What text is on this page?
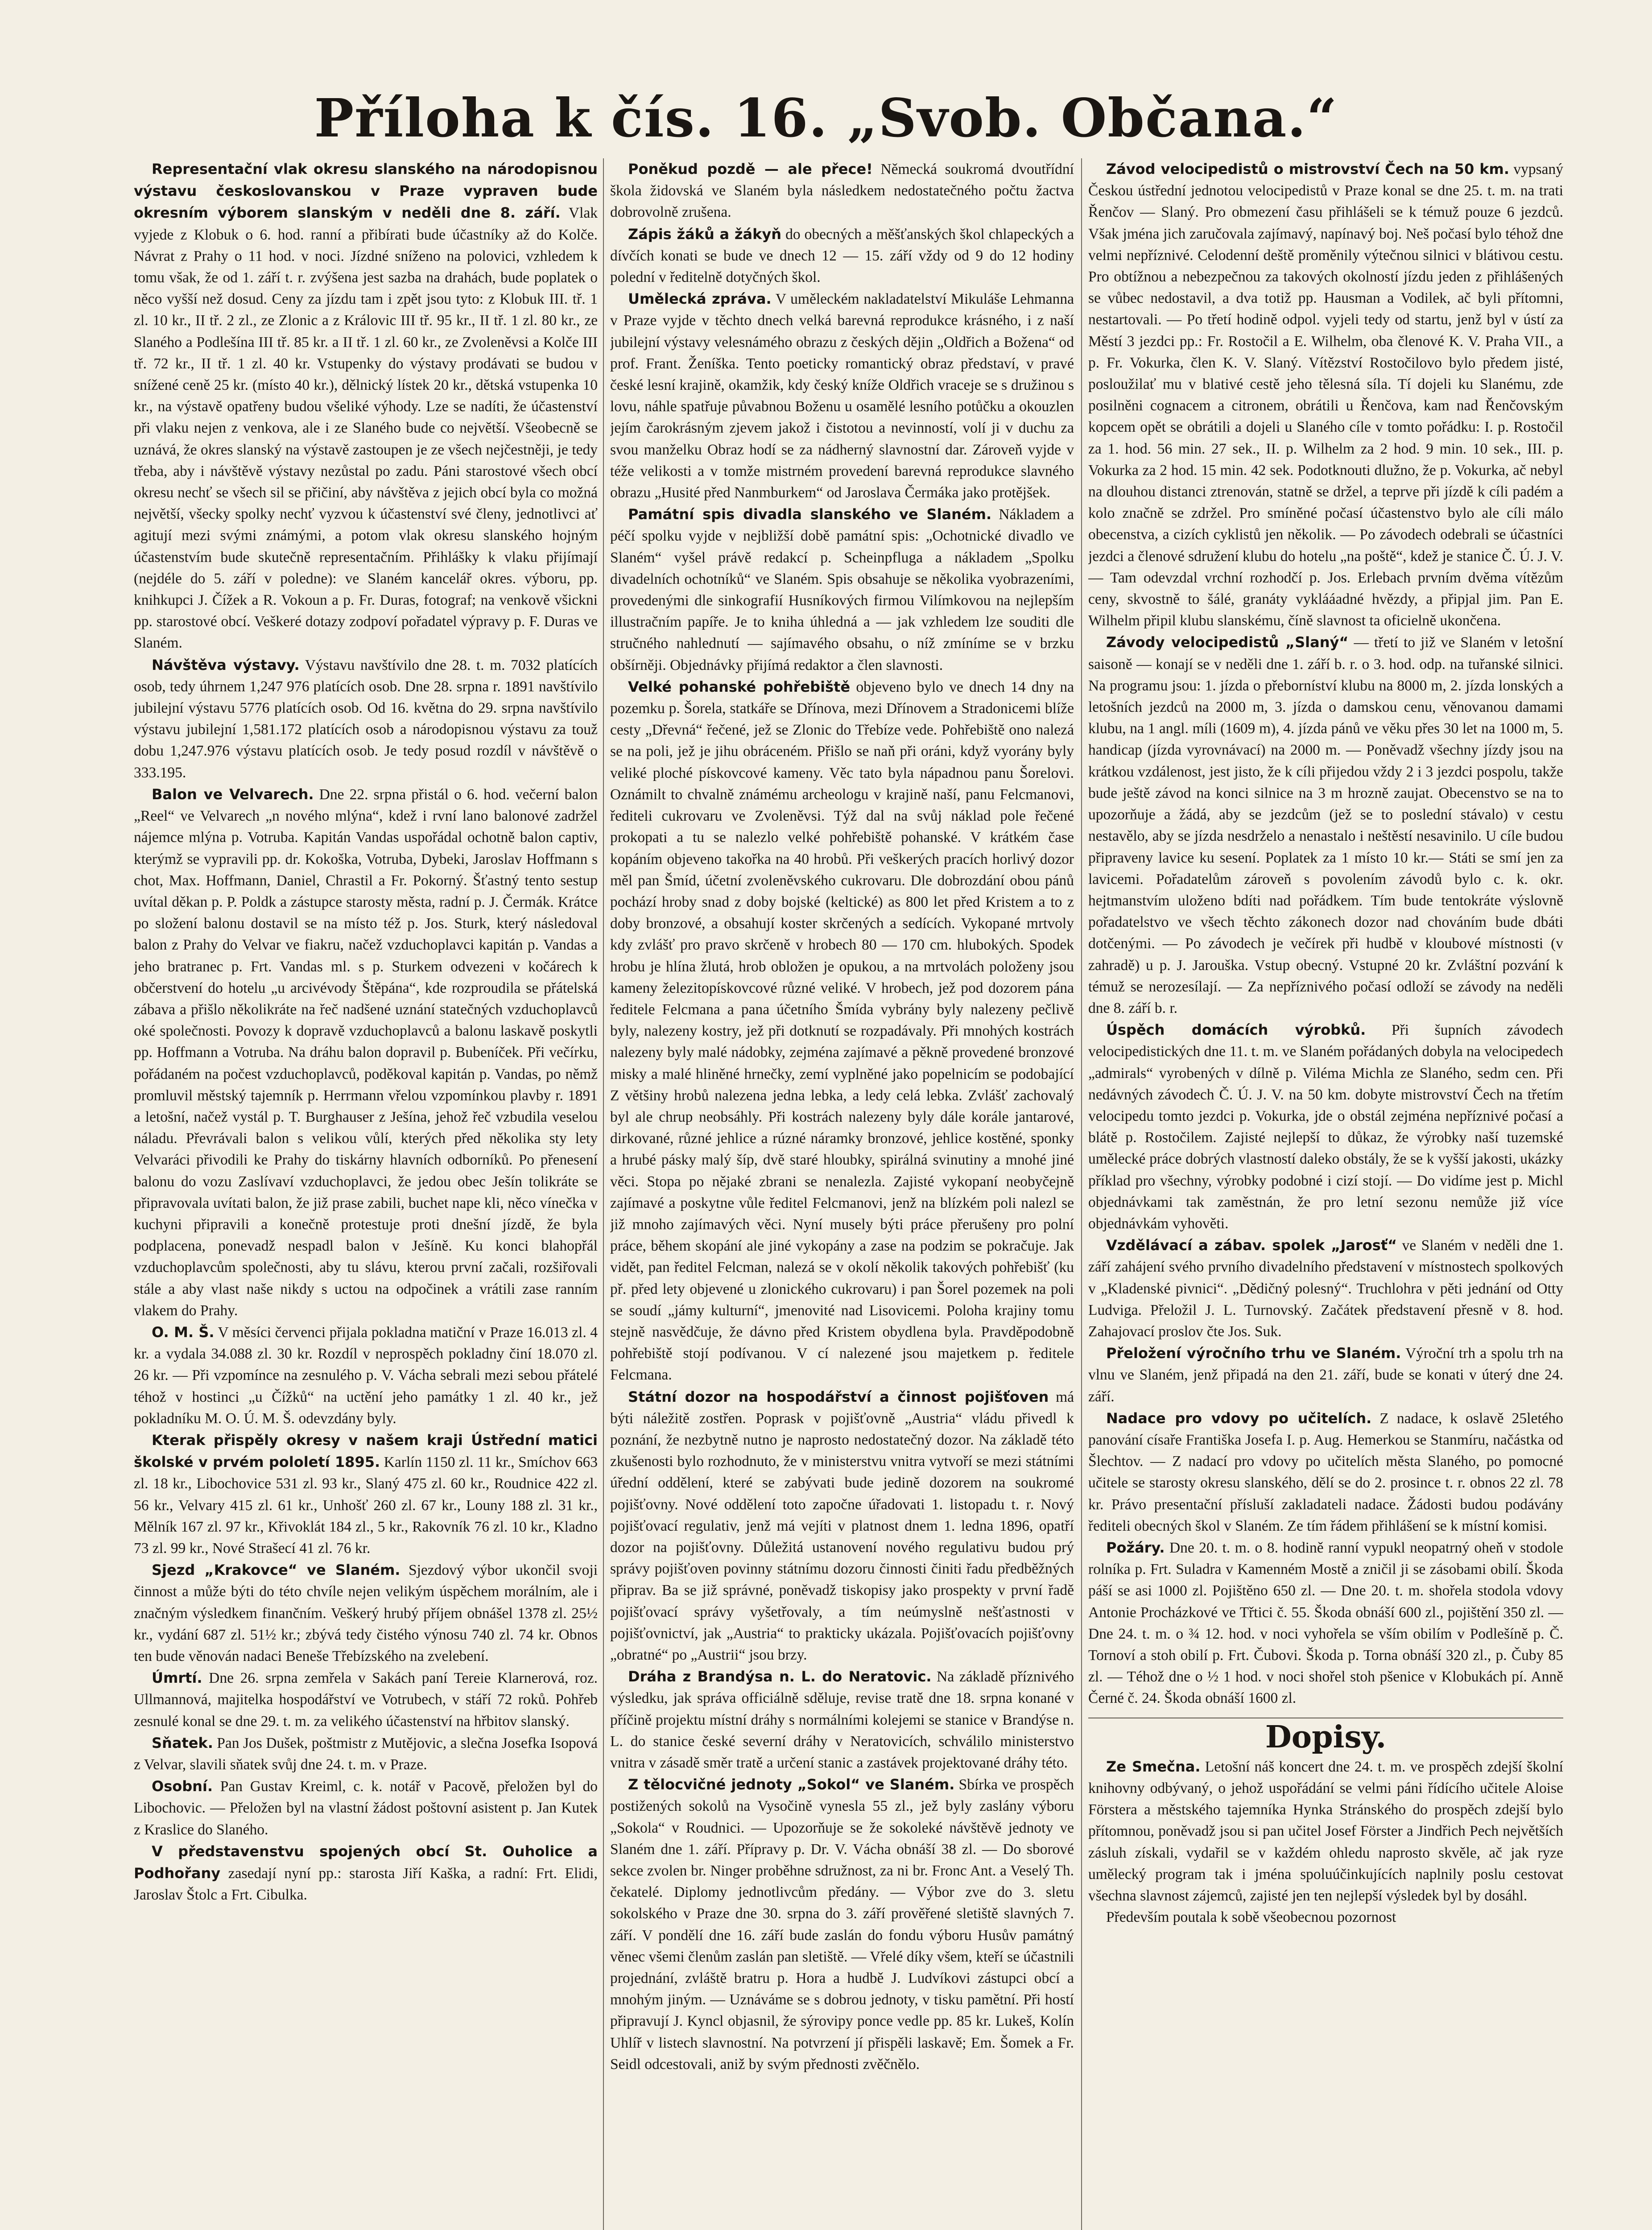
Příloha k čís. 16. „Svob. Občana.“

Representační vlak okresu slanského na národopisnou výstavu českoslovanskou v Praze vypraven bude okresním výborem slanským v neděli dne 8. září. Vlak vyjede z Klobuk o 6. hod. ranní a přibírati bude účastníky až do Kolče. Návrat z Prahy o 11 hod. v noci. Jízdné sníženo na polovici, vzhledem k tomu však, že od 1. září t. r. zvýšena jest sazba na drahách, bude poplatek o něco vyšší než dosud. Ceny za jízdu tam i zpět jsou tyto: z Klobuk III. tř. 1 zl. 10 kr., II tř. 2 zl., ze Zlonic a z Královic III tř. 95 kr., II tř. 1 zl. 80 kr., ze Slaného a Podlešína III tř. 85 kr. a II tř. 1 zl. 60 kr., ze Zvoleněvsi a Kolče III tř. 72 kr., II tř. 1 zl. 40 kr. Vstupenky do výstavy prodávati se budou v snížené ceně 25 kr. (místo 40 kr.), dělnický lístek 20 kr., dětská vstupenka 10 kr., na výstavě opatřeny budou všeliké výhody. Lze se nadíti, že účastenství při vlaku nejen z venkova, ale i ze Slaného bude co největší. Všeobecně se uznává, že okres slanský na výstavě zastoupen je ze všech nejčestněji, je tedy třeba, aby i návštěvě výstavy nezůstal po zadu. Páni starostové všech obcí okresu nechť se všech sil se přičiní, aby návštěva z jejich obcí byla co možná největší, všecky spolky nechť vyzvou k účastenství své členy, jednotlivci ať agitují mezi svými známými, a potom vlak okresu slanského hojným účastenstvím bude skutečně representačním. Přihlášky k vlaku přijímají (nejdéle do 5. září v poledne): ve Slaném kancelář okres. výboru, pp. knihkupci J. Čížek a R. Vokoun a p. Fr. Duras, fotograf; na venkově všickni pp. starostové obcí. Veškeré dotazy zodpoví pořadatel výpravy p. F. Duras ve Slaném.

Návštěva výstavy. Výstavu navštívilo dne 28. t. m. 7032 platících osob, tedy úhrnem 1,247 976 platících osob. Dne 28. srpna r. 1891 navštívilo jubilejní výstavu 5776 platících osob. Od 16. května do 29. srpna navštívilo výstavu jubilejní 1,581.172 platících osob a národopisnou výstavu za touž dobu 1,247.976 výstavu platících osob. Je tedy posud rozdíl v návštěvě o 333.195.

Balon ve Velvarech. Dne 22. srpna přistál o 6. hod. večerní balon „Reel“ ve Velvarech „n nového mlýna“, kdež i rvní lano balonové zadržel nájemce mlýna p. Votruba. Kapitán Vandas uspořádal ochotně balon captiv, kterýmž se vypravili pp. dr. Kokoška, Votruba, Dybeki, Jaroslav Hoffmann s chot, Max. Hoffmann, Daniel, Chrastil a Fr. Pokorný. Šťastný tento sestup uvítal děkan p. P. Poldk a zástupce starosty města, radní p. J. Čermák. Krátce po složení balonu dostavil se na místo též p. Jos. Sturk, který následoval balon z Prahy do Velvar ve fiakru, načež vzduchoplavci kapitán p. Vandas a jeho bratranec p. Frt. Vandas ml. s p. Sturkem odvezeni v kočárech k občerstvení do hotelu „u arcivévody Štěpána“, kde rozproudila se přátelská zábava a přišlo několikráte na řeč nadšené uznání statečných vzduchoplavců oké společnosti. Povozy k dopravě vzduchoplavců a balonu laskavě poskytli pp. Hoffmann a Votruba. Na dráhu balon dopravil p. Bubeníček. Při večírku, pořádaném na počest vzduchoplavců, poděkoval kapitán p. Vandas, po němž promluvil městský tajemník p. Herrmann vřelou vzpomínkou plavby r. 1891 a letošní, načež vystál p. T. Burghauser z Ješína, jehož řeč vzbudila veselou náladu. Převrávali balon s velikou vůlí, kterých před několika sty lety Velvaráci přivodili ke Prahy do tiskárny hlavních odborníků. Po přenesení balonu do vozu Zaslívaví vzduchoplavci, že jedou obec Ješín tolikráte se připravovala uvítati balon, že již prase zabili, buchet nape kli, něco vínečka v kuchyni připravili a konečně protestuje proti dnešní jízdě, že byla podplacena, ponevadž nespadl balon v Ješíně. Ku konci blahopřál vzduchoplavcům společnosti, aby tu slávu, kterou první začali, rozšiřovali stále a aby vlast naše nikdy s uctou na odpočinek a vrátili zase ranním vlakem do Prahy.

O. M. Š. V měsíci červenci přijala pokladna matiční v Praze 16.013 zl. 4 kr. a vydala 34.088 zl. 30 kr. Rozdíl v neprospěch pokladny činí 18.070 zl. 26 kr. — Při vzpomínce na zesnulého p. V. Vácha sebrali mezi sebou přátelé téhož v hostinci „u Čížků“ na uctění jeho památky 1 zl. 40 kr., jež pokladníku M. O. Ú. M. Š. odevzdány byly.

Kterak přispěly okresy v našem kraji Ústřední matici školské v prvém pololetí 1895. Karlín 1150 zl. 11 kr., Smíchov 663 zl. 18 kr., Libochovice 531 zl. 93 kr., Slaný 475 zl. 60 kr., Roudnice 422 zl. 56 kr., Velvary 415 zl. 61 kr., Unhošť 260 zl. 67 kr., Louny 188 zl. 31 kr., Mělník 167 zl. 97 kr., Křivoklát 184 zl., 5 kr., Rakovník 76 zl. 10 kr., Kladno 73 zl. 99 kr., Nové Strašecí 41 zl. 76 kr.

Sjezd „Krakovce“ ve Slaném. Sjezdový výbor ukončil svoji činnost a může býti do této chvíle nejen velikým úspěchem morálním, ale i značným výsledkem finančním. Veškerý hrubý příjem obnášel 1378 zl. 25½ kr., vydání 687 zl. 51½ kr.; zbývá tedy čistého výnosu 740 zl. 74 kr. Obnos ten bude věnován nadaci Beneše Třebízského na zvelebení.

Úmrtí. Dne 26. srpna zemřela v Sakách paní Tereie Klarnerová, roz. Ullmannová, majitelka hospodářství ve Votrubech, v stáří 72 roků. Pohřeb zesnulé konal se dne 29. t. m. za velikého účastenství na hřbitov slanský.

Sňatek. Pan Jos Dušek, poštmistr z Mutějovic, a slečna Josefka Isopová z Velvar, slavili sňatek svůj dne 24. t. m. v Praze.

Osobní. Pan Gustav Kreiml, c. k. notář v Pacově, přeložen byl do Libochovic. — Přeložen byl na vlastní žádost poštovní asistent p. Jan Kutek z Kraslice do Slaného.

V představenstvu spojených obcí St. Ouholice a Podhořany zasedají nyní pp.: starosta Jiří Kaška, a radní: Frt. Elidi, Jaroslav Štolc a Frt. Cibulka.

Poněkud pozdě — ale přece! Německá soukromá dvoutřídní škola židovská ve Slaném byla následkem nedostatečného počtu žactva dobrovolně zrušena.

Zápis žáků a žákyň do obecných a měšťanských škol chlapeckých a dívčích konati se bude ve dnech 12 — 15. září vždy od 9 do 12 hodiny polední v ředitelně dotyčných škol.

Umělecká zpráva. V uměleckém nakladatelství Mikuláše Lehmanna v Praze vyjde v těchto dnech velká barevná reprodukce krásného, i z naší jubilejní výstavy velesnámého obrazu z českých dějin „Oldřich a Božena“ od prof. Frant. Ženíška. Tento poeticky romantický obraz představí, v pravé české lesní krajině, okamžik, kdy český kníže Oldřich vraceje se s družinou s lovu, náhle spatřuje půvabnou Boženu u osamělé lesního potůčku a okouzlen jejím čarokrásným zjevem jakož i čistotou a nevinností, volí ji v duchu za svou manželku Obraz hodí se za nádherný slavnostní dar. Zároveň vyjde v téže velikosti a v tomže mistrném provedení barevná reprodukce slavného obrazu „Husité před Nanmburkem“ od Jaroslava Čermáka jako protějšek.

Památní spis divadla slanského ve Slaném. Nákladem a péčí spolku vyjde v nejbližší době památní spis: „Ochotnické divadlo ve Slaném“ vyšel právě redakcí p. Scheinpfluga a nákladem „Spolku divadelních ochotníků“ ve Slaném. Spis obsahuje se několika vyobrazeními, provedenými dle sinkografií Husníkových firmou Vilímkovou na nejlepším illustračním papíře. Je to kniha úhledná a — jak vzhledem lze souditi dle stručného nahlednutí — sajímavého obsahu, o níž zmíníme se v brzku obšírněji. Objednávky přijímá redaktor a člen slavnosti.

Velké pohanské pohřebiště objeveno bylo ve dnech 14 dny na pozemku p. Šorela, statkáře se Dřínova, mezi Dřínovem a Stradonicemi blíže cesty „Dřevná“ řečené, jež se Zlonic do Třebíze vede. Pohřebiště ono nalezá se na poli, jež je jihu obráceném. Přišlo se naň při oráni, když vyorány byly veliké ploché pískovcové kameny. Věc tato byla nápadnou panu Šorelovi. Oznámilt to chvalně známému archeologu v krajině naší, panu Felcmanovi, řediteli cukrovaru ve Zvoleněvsi. Týž dal na svůj náklad pole řečené prokopati a tu se nalezlo velké pohřebiště pohanské. V krátkém čase kopáním objeveno takořka na 40 hrobů. Při veškerých pracích horlivý dozor měl pan Šmíd, účetní zvoleněvského cukrovaru. Dle dobrozdání obou pánů pochází hroby snad z doby bojské (keltické) as 800 let před Kristem a to z doby bronzové, a obsahují koster skrčených a sedících. Vykopané mrtvoly kdy zvlášť pro pravo skrčeně v hrobech 80 — 170 cm. hlubokých. Spodek hrobu je hlína žlutá, hrob obložen je opukou, a na mrtvolách položeny jsou kameny železitopískovcové různé veliké. V hrobech, jež pod dozorem pána ředitele Felcmana a pana účetního Šmída vybrány byly nalezeny pečlivě byly, nalezeny kostry, jež při dotknutí se rozpadávaly. Při mnohých kostrách nalezeny byly malé nádobky, zejména zajímavé a pěkně provedené bronzové misky a malé hliněné hrnečky, zemí vyplněné jako popelnicím se podobající Z většiny hrobů nalezena jedna lebka, a ledy celá lebka. Zvlášť zachovalý byl ale chrup neobsáhly. Při kostrách nalezeny byly dále korále jantarové, dirkované, různé jehlice a rúzné náramky bronzové, jehlice kostěné, sponky a hrubé pásky malý šíp, dvě staré hloubky, spirálná svinutiny a mnohé jiné věci. Stopa po nějaké zbrani se nenalezla. Zajisté vykopaní neobyčejně zajímavé a poskytne vůle ředitel Felcmanovi, jenž na blízkém poli nalezl se již mnoho zajímavých věci. Nyní musely býti práce přerušeny pro polní práce, během skopání ale jiné vykopány a zase na podzim se pokračuje. Jak vidět, pan ředitel Felcman, nalezá se v okolí několik takových pohřebišť (ku př. před lety objevené u zlonického cukrovaru) i pan Šorel pozemek na poli se soudí „jámy kulturní“, jmenovité nad Lisovicemi. Poloha krajiny tomu stejně nasvědčuje, že dávno před Kristem obydlena byla. Pravděpodobně pohřebiště stojí podívanou. V cí nalezené jsou majetkem p. ředitele Felcmana.

Státní dozor na hospodářství a činnost pojišťoven má býti náležitě zostřen. Poprask v pojišťovně „Austria“ vládu přivedl k poznání, že nezbytně nutno je naprosto nedostatečný dozor. Na základě této zkušenosti bylo rozhodnuto, že v ministerstvu vnitra vytvoří se mezi státními úřední oddělení, které se zabývati bude jedině dozorem na soukromé pojišťovny. Nové oddělení toto započne úřadovati 1. listopadu t. r. Nový pojišťovací regulativ, jenž má vejíti v platnost dnem 1. ledna 1896, opatří dozor na pojišťovny. Důležitá ustanovení nového regulativu budou prý správy pojišťoven povinny státnímu dozoru činnosti činiti řadu předběžných připrav. Ba se již správné, poněvadž tiskopisy jako prospekty v první řadě pojišťovací správy vyšetřovaly, a tím neúmyslně nešťastnosti v pojišťovnictví, jak „Austria“ to prakticky ukázala. Pojišťovacích pojišťovny „obratné“ po „Austrii“ jsou brzy.

Dráha z Brandýsa n. L. do Neratovic. Na základě příznivého výsledku, jak správa officiálně sděluje, revise tratě dne 18. srpna konané v příčině projektu místní dráhy s normálními kolejemi se stanice v Brandýse n. L. do stanice české severní dráhy v Neratovicích, schválilo ministerstvo vnitra v zásadě směr tratě a určení stanic a zastávek projektované dráhy této.

Z tělocvičné jednoty „Sokol“ ve Slaném. Sbírka ve prospěch postižených sokolů na Vysočině vynesla 55 zl., jež byly zaslány výboru „Sokola“ v Roudnici. — Upozorňuje se že sokoleké návštěvě jednoty ve Slaném dne 1. září. Přípravy p. Dr. V. Vácha obnáší 38 zl. — Do sborové sekce zvolen br. Ninger proběhne sdružnost, za ni br. Fronc Ant. a Veselý Th. čekatelé. Diplomy jednotlivcům předány. — Výbor zve do 3. sletu sokolského v Praze dne 30. srpna do 3. září prověřené sletiště slavných 7. září. V pondělí dne 16. září bude zaslán do fondu výboru Husův památný věnec všemi členům zaslán pan sletiště. — Vřelé díky všem, kteří se účastnili projednání, zvláště bratru p. Hora a hudbě J. Ludvíkovi zástupci obcí a mnohým jiným. — Uznáváme se s dobrou jednoty, v tisku pamětní. Při hostí připravují J. Kyncl objasnil, že sýrovipy ponce vedle pp. 85 kr. Lukeš, Kolín Uhlíř v listech slavnostní. Na potvrzení jí přispěli laskavě; Em. Šomek a Fr. Seidl odcestovali, aniž by svým přednosti zvěčnělo.

Závod velocipedistů o mistrovství Čech na 50 km. vypsaný Českou ústřední jednotou velocipedistů v Praze konal se dne 25. t. m. na trati Řenčov — Slaný. Pro obmezení času přihlášeli se k témuž pouze 6 jezdců. Však jména jich zaručovala zajímavý, napínavý boj. Neš počasí bylo téhož dne velmi nepříznivé. Celodenní deště proměnily výtečnou silnici v blátivou cestu. Pro obtížnou a nebezpečnou za takových okolností jízdu jeden z přihlášených se vůbec nedostavil, a dva totiž pp. Hausman a Vodilek, ač byli přítomni, nestartovali. — Po třetí hodině odpol. vyjeli tedy od startu, jenž byl v ústí za Městí 3 jezdci pp.: Fr. Rostočil a E. Wilhelm, oba členové K. V. Praha VII., a p. Fr. Vokurka, člen K. V. Slaný. Vítězství Rostočilovo bylo předem jisté, posloužilať mu v blativé cestě jeho tělesná síla. Tí dojeli ku Slanému, zde posilněni cognacem a citronem, obrátili u Řenčova, kam nad Řenčovským kopcem opět se obrátili a dojeli u Slaného cíle v tomto pořádku: I. p. Rostočil za 1. hod. 56 min. 27 sek., II. p. Wilhelm za 2 hod. 9 min. 10 sek., III. p. Vokurka za 2 hod. 15 min. 42 sek. Podotknouti dlužno, že p. Vokurka, ač nebyl na dlouhou distanci ztrenován, statně se držel, a teprve při jízdě k cíli padém a kolo značně se zdržel. Pro smíněné počasí účastenstvo bylo ale cíli málo obecenstva, a cizích cyklistů jen několik. — Po závodech odebrali se účastníci jezdci a členové sdružení klubu do hotelu „na poště“, kdež je stanice Č. Ú. J. V. — Tam odevzdal vrchní rozhodčí p. Jos. Erlebach prvním dvěma vítězům ceny, skvostně to šálé, granáty vyklááadné hvězdy, a připjal jim. Pan E. Wilhelm připil klubu slanskému, číně slavnost ta oficielně ukončena.

Závody velocipedistů „Slaný“ — třetí to již ve Slaném v letošní saisoně — konají se v neděli dne 1. září b. r. o 3. hod. odp. na tuřanské silnici. Na programu jsou: 1. jízda o přeborníství klubu na 8000 m, 2. jízda lonských a letošních jezdců na 2000 m, 3. jízda o damskou cenu, věnovanou damami klubu, na 1 angl. míli (1609 m), 4. jízda pánů ve věku přes 30 let na 1000 m, 5. handicap (jízda vyrovnávací) na 2000 m. — Poněvadž všechny jízdy jsou na krátkou vzdálenost, jest jisto, že k cíli přijedou vždy 2 i 3 jezdci pospolu, takže bude ještě závod na konci silnice na 3 m hrozně zaujat. Obecenstvo se na to upozorňuje a žádá, aby se jezdcům (jež se to poslední stávalo) v cestu nestavělo, aby se jízda nesdrželo a nenastalo i neštěstí nesavinilo. U cíle budou připraveny lavice ku sesení. Poplatek za 1 místo 10 kr.— Státi se smí jen za lavicemi. Pořadatelům zároveň s povolením závodů bylo c. k. okr. hejtmanstvím uloženo bdíti nad pořádkem. Tím bude tentokráte výslovně pořadatelstvo ve všech těchto zákonech dozor nad chováním bude dbáti dotčenými. — Po závodech je večírek při hudbě v kloubové místnosti (v zahradě) u p. J. Jarouška. Vstup obecný. Vstupné 20 kr. Zvláštní pozvání k témuž se nerozesílají. — Za nepříznivého počasí odloží se závody na neděli dne 8. září b. r.

Úspěch domácích výrobků. Při šupních závodech velocipedistických dne 11. t. m. ve Slaném pořádaných dobyla na velocipedech „admirals“ vyrobených v dílně p. Viléma Michla ze Slaného, sedm cen. Při nedávných závodech Č. Ú. J. V. na 50 km. dobyte mistrovství Čech na třetím velocipedu tomto jezdci p. Vokurka, jde o obstál zejména nepříznivé počasí a blátě p. Rostočilem. Zajisté nejlepší to důkaz, že výrobky naší tuzemské umělecké práce dobrých vlastností daleko obstály, že se k vyšší jakosti, ukázky příklad pro všechny, výrobky podobné i cizí stojí. — Do vidíme jest p. Michl objednávkami tak zaměstnán, že pro letní sezonu nemůže již více objednávkám vyhověti.

Vzdělávací a zábav. spolek „Jarosť“ ve Slaném v neděli dne 1. září zahájení svého prvního divadelního představení v místnostech spolkových v „Kladenské pivnici“. „Dědičný polesný“. Truchlohra v pěti jednání od Otty Ludviga. Přeložil J. L. Turnovský. Začátek představení přesně v 8. hod. Zahajovací proslov čte Jos. Suk.

Přeložení výročního trhu ve Slaném. Výroční trh a spolu trh na vlnu ve Slaném, jenž připadá na den 21. září, bude se konati v úterý dne 24. září.

Nadace pro vdovy po učitelích. Z nadace, k oslavě 25letého panování císaře Františka Josefa I. p. Aug. Hemerkou se Stanmíru, načástka od Šlechtov. — Z nadací pro vdovy po učitelích města Slaného, po pomocné učitele se starosty okresu slanského, dělí se do 2. prosince t. r. obnos 22 zl. 78 kr. Právo presentační přísluší zakladateli nadace. Žádosti budou podávány řediteli obecných škol v Slaném. Ze tím řádem přihlášení se k místní komisi.

Požáry. Dne 20. t. m. o 8. hodině ranní vypukl neopatrný oheň v stodole rolníka p. Frt. Suladra v Kamenném Mostě a zničil ji se zásobami obilí. Škoda páší se asi 1000 zl. Pojištěno 650 zl. — Dne 20. t. m. shořela stodola vdovy Antonie Procházkové ve Třtici č. 55. Škoda obnáší 600 zl., pojištění 350 zl. — Dne 24. t. m. o ¾ 12. hod. v noci vyhořela se vším obilím v Podlešíně p. Č. Tornoví a stoh obilí p. Frt. Čubovi. Škoda p. Torna obnáší 320 zl., p. Čuby 85 zl. — Téhož dne o ½ 1 hod. v noci shořel stoh pšenice v Klobukách pí. Anně Černé č. 24. Škoda obnáší 1600 zl.

Dopisy.

Ze Smečna. Letošní náš koncert dne 24. t. m. ve prospěch zdejší školní knihovny odbývaný, o jehož uspořádání se velmi páni řídícího učitele Aloise Förstera a městského tajemníka Hynka Stránského do prospěch zdejší bylo přítomnou, poněvadž jsou si pan učitel Josef Förster a Jindřich Pech největších zásluh získali, vydařil se v každém ohledu naprosto skvěle, ač jak ryze umělecký program tak i jména spoluúčinkujících naplnily poslu cestovat všechna slavnost zájemců, zajisté jen ten nejlepší výsledek byl by dosáhl.

Především poutala k sobě všeobecnou pozornost
